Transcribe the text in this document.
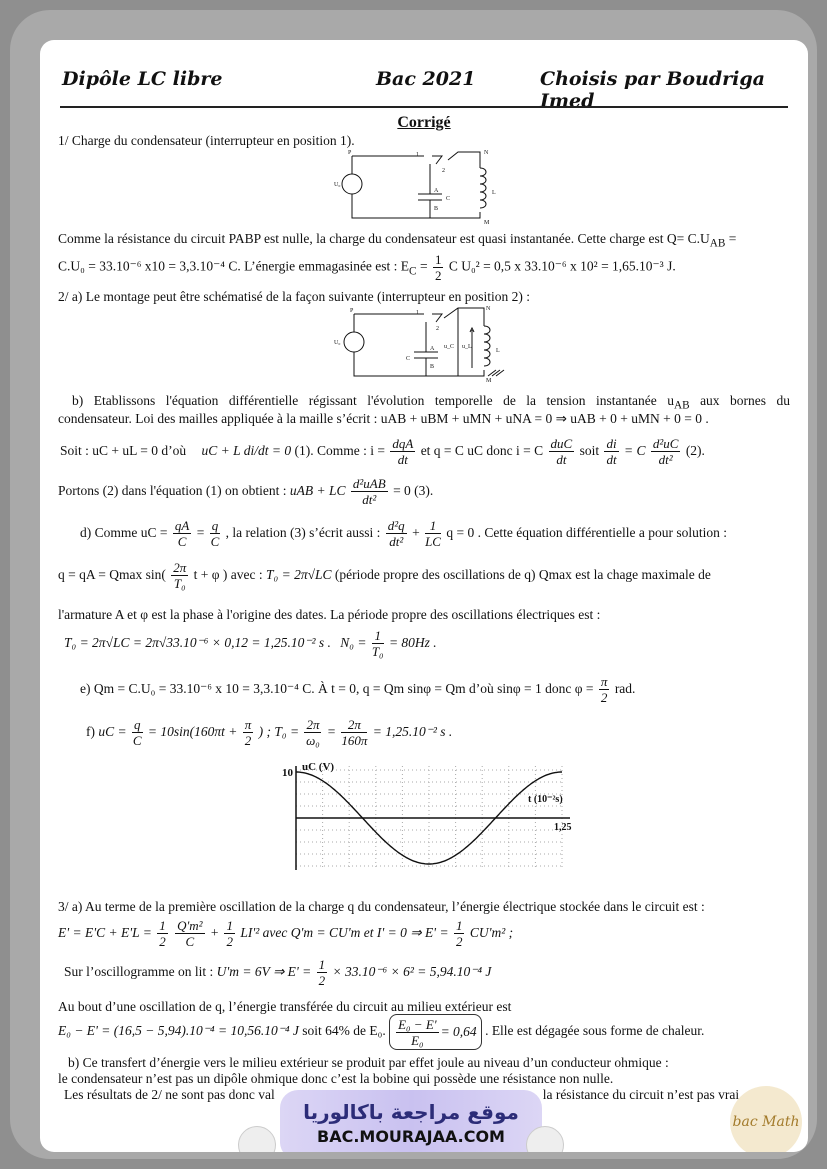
Dipôle LC libre	Bac 2021	Choisis par Boudriga Imed
Corrigé
1/ Charge du condensateur (interrupteur en position 1).
P	1
2
N
U₀
A
C
L
B
M
Comme la résistance du circuit PABP est nulle, la charge du condensateur est quasi instantanée. Cette charge est $Q= C.U_{AB}$ =
C.U₀ = 33.10⁻⁶ x10 = 3,3.10⁻⁴ C. L’énergie emmagasinée est : $E_C = \frac{1}{2}$ C U₀² = 0,5 x 33.10⁻⁶ x 10² = 1,65.10⁻³ J.
2/ a) Le montage peut être schématisé de la façon suivante (interrupteur en position 2) :
P	1
2
N
U₀
A
C
B
u_C u_L
L
M
b) Etablissons l'équation différentielle régissant l'évolution temporelle de la tension instantanée $u_{AB}$ aux bornes du
condensateur. Loi des mailles appliquée à la maille s’écrit : uAB + uBM + uMN + uNA = 0 ⇒ uAB + 0 + uMN + 0 = 0 .
Soit : uC + uL = 0 d’où uC + L di/dt = 0 (1). Comme : $i = \frac{\text{dqA}}{dt}$ et q = C uC donc i = C $\frac{\text{duC}}{dt}$ soit $\frac{di}{dt} = C \frac{\text{d²uC}}{\text{dt²}} (2)$.
Portons (2) dans l'équation (1) on obtient : uAB + LC $\frac{\text{d²uAB}}{\text{dt²}} = 0$ (3).
d) Comme uC = $\frac{qA}{C} = \frac{q}{C}$ , la relation (3) s’écrit aussi : $\frac{\text{d²q}}{\text{dt²}} + \frac{1}{LC}$ q = 0 . Cette équation différentielle a pour solution :
q = qA = Qmax $\sin( \frac{2\pi}{\text{T₀}}$ t + φ ) avec : T₀ = 2π√LC (période propre des oscillations de q) Qmax est la chage maximale de
l'armature A et φ est la phase à l'origine des dates. La période propre des oscillations électriques est :
T₀ = 2π√LC = 2π√33.10⁻⁶ × 0,12 = 1,25.10⁻² s . $N_0 = \frac{1}{\text{T₀}} = 80Hz$ .
e) Qm = C.U₀ = 33.10⁻⁶ x 10 = 3,3.10⁻⁴ C. À t = 0, q = Qm sinφ = Qm d’où sinφ = 1 donc $\varphi = \frac{\pi}{2}$ rad.
f) uC = $\frac{q}{C} = 10\sin(160\pi t + \frac{\pi}{2}$ ) ; $T_0 = \frac{2\pi}{\text{ω₀}} = \frac{2\pi}{160\pi} = 1,25.10^{-2}$ s .
uC (V)
10
t (10⁻²s)
1,25
3/ a) Au terme de la première oscillation de la charge q du condensateur, l’énergie électrique stockée dans le circuit est :
$E' = E'C + E'L = \frac{1}{2}$
$\frac{\text{Q'm²}}{C} + \frac{1}{2} LI'^2$ avec Q'm = CU'm et I' = 0 ⇒ $E' = \frac{1}{2} CU'm^2$ ;
Sur l’oscillogramme on lit : U'm = 6V ⇒ $E' = \frac{1}{2} \times 33.10^{-6} \times 6^2 = 5,94.10^{-4}$ J
Au bout d’une oscillation de q, l’énergie transférée du circuit au milieu extérieur est
E₀ − E' = (16,5 − 5,94).10⁻⁴ = 10,56.10⁻⁴ J soit 64% de E₀. $\frac{\text{E₀ − E'}}{\text{E₀}} = 0,64$ . Elle est dégagée sous forme de chaleur.
b) Ce transfert d’énergie vers le milieu extérieur se produit par effet joule au niveau d’un conducteur ohmique :
le condensateur n’est pas un dipôle ohmique donc c’est la bobine qui possède une résistance non nulle.
Les résultats de 2/ ne sont pas donc val	la résistance du circuit n’est pas vrai
موقع مراجعة باكالوريا
BAC.MOURAJAA.COM
bac Math
